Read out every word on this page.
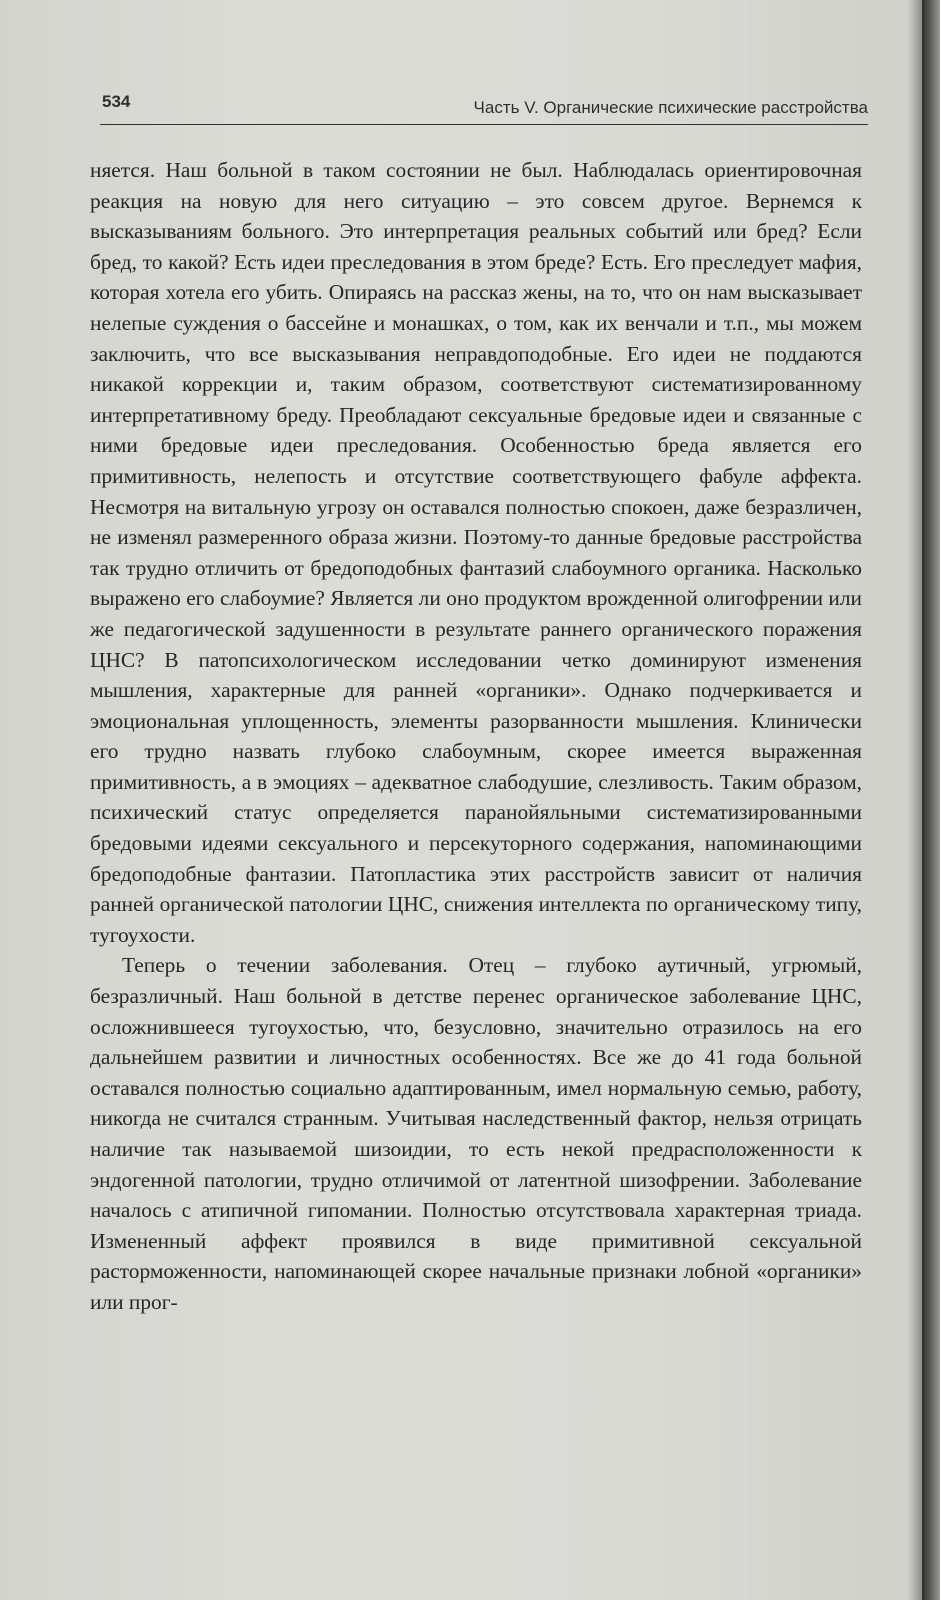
534	Часть V. Органические психические расстройства

няется. Наш больной в таком состоянии не был. Наблюдалась ориентировочная реакция на новую для него ситуацию – это совсем другое. Вернемся к высказываниям больного. Это интерпретация реальных событий или бред? Если бред, то какой? Есть идеи преследования в этом бреде? Есть. Его преследует мафия, которая хотела его убить. Опираясь на рассказ жены, на то, что он нам высказывает нелепые суждения о бассейне и монашках, о том, как их венчали и т.п., мы можем заключить, что все высказывания неправдоподобные. Его идеи не поддаются никакой коррекции и, таким образом, соответствуют систематизированному интерпретативному бреду. Преобладают сексуальные бредовые идеи и связанные с ними бредовые идеи преследования. Особенностью бреда является его примитивность, нелепость и отсутствие соответствующего фабуле аффекта. Несмотря на витальную угрозу он оставался полностью спокоен, даже безразличен, не изменял размеренного образа жизни. Поэтому-то данные бредовые расстройства так трудно отличить от бредоподобных фантазий слабоумного органика. Насколько выражено его слабоумие? Является ли оно продуктом врожденной олигофрении или же педагогической задушенности в результате раннего органического поражения ЦНС? В патопсихологическом исследовании четко доминируют изменения мышления, характерные для ранней «органики». Однако подчеркивается и эмоциональная уплощенность, элементы разорванности мышления. Клинически его трудно назвать глубоко слабоумным, скорее имеется выраженная примитивность, а в эмоциях – адекватное слабодушие, слезливость. Таким образом, психический статус определяется паранойяльными систематизированными бредовыми идеями сексуального и персекуторного содержания, напоминающими бредоподобные фантазии. Патопластика этих расстройств зависит от наличия ранней органической патологии ЦНС, снижения интеллекта по органическому типу, тугоухости.

Теперь о течении заболевания. Отец – глубоко аутичный, угрюмый, безразличный. Наш больной в детстве перенес органическое заболевание ЦНС, осложнившееся тугоухостью, что, безусловно, значительно отразилось на его дальнейшем развитии и личностных особенностях. Все же до 41 года больной оставался полностью социально адаптированным, имел нормальную семью, работу, никогда не считался странным. Учитывая наследственный фактор, нельзя отрицать наличие так называемой шизоидии, то есть некой предрасположенности к эндогенной патологии, трудно отличимой от латентной шизофрении. Заболевание началось с атипичной гипомании. Полностью отсутствовала характерная триада. Измененный аффект проявился в виде примитивной сексуальной расторможенности, напоминающей скорее начальные признаки лобной «органики» или прог-
